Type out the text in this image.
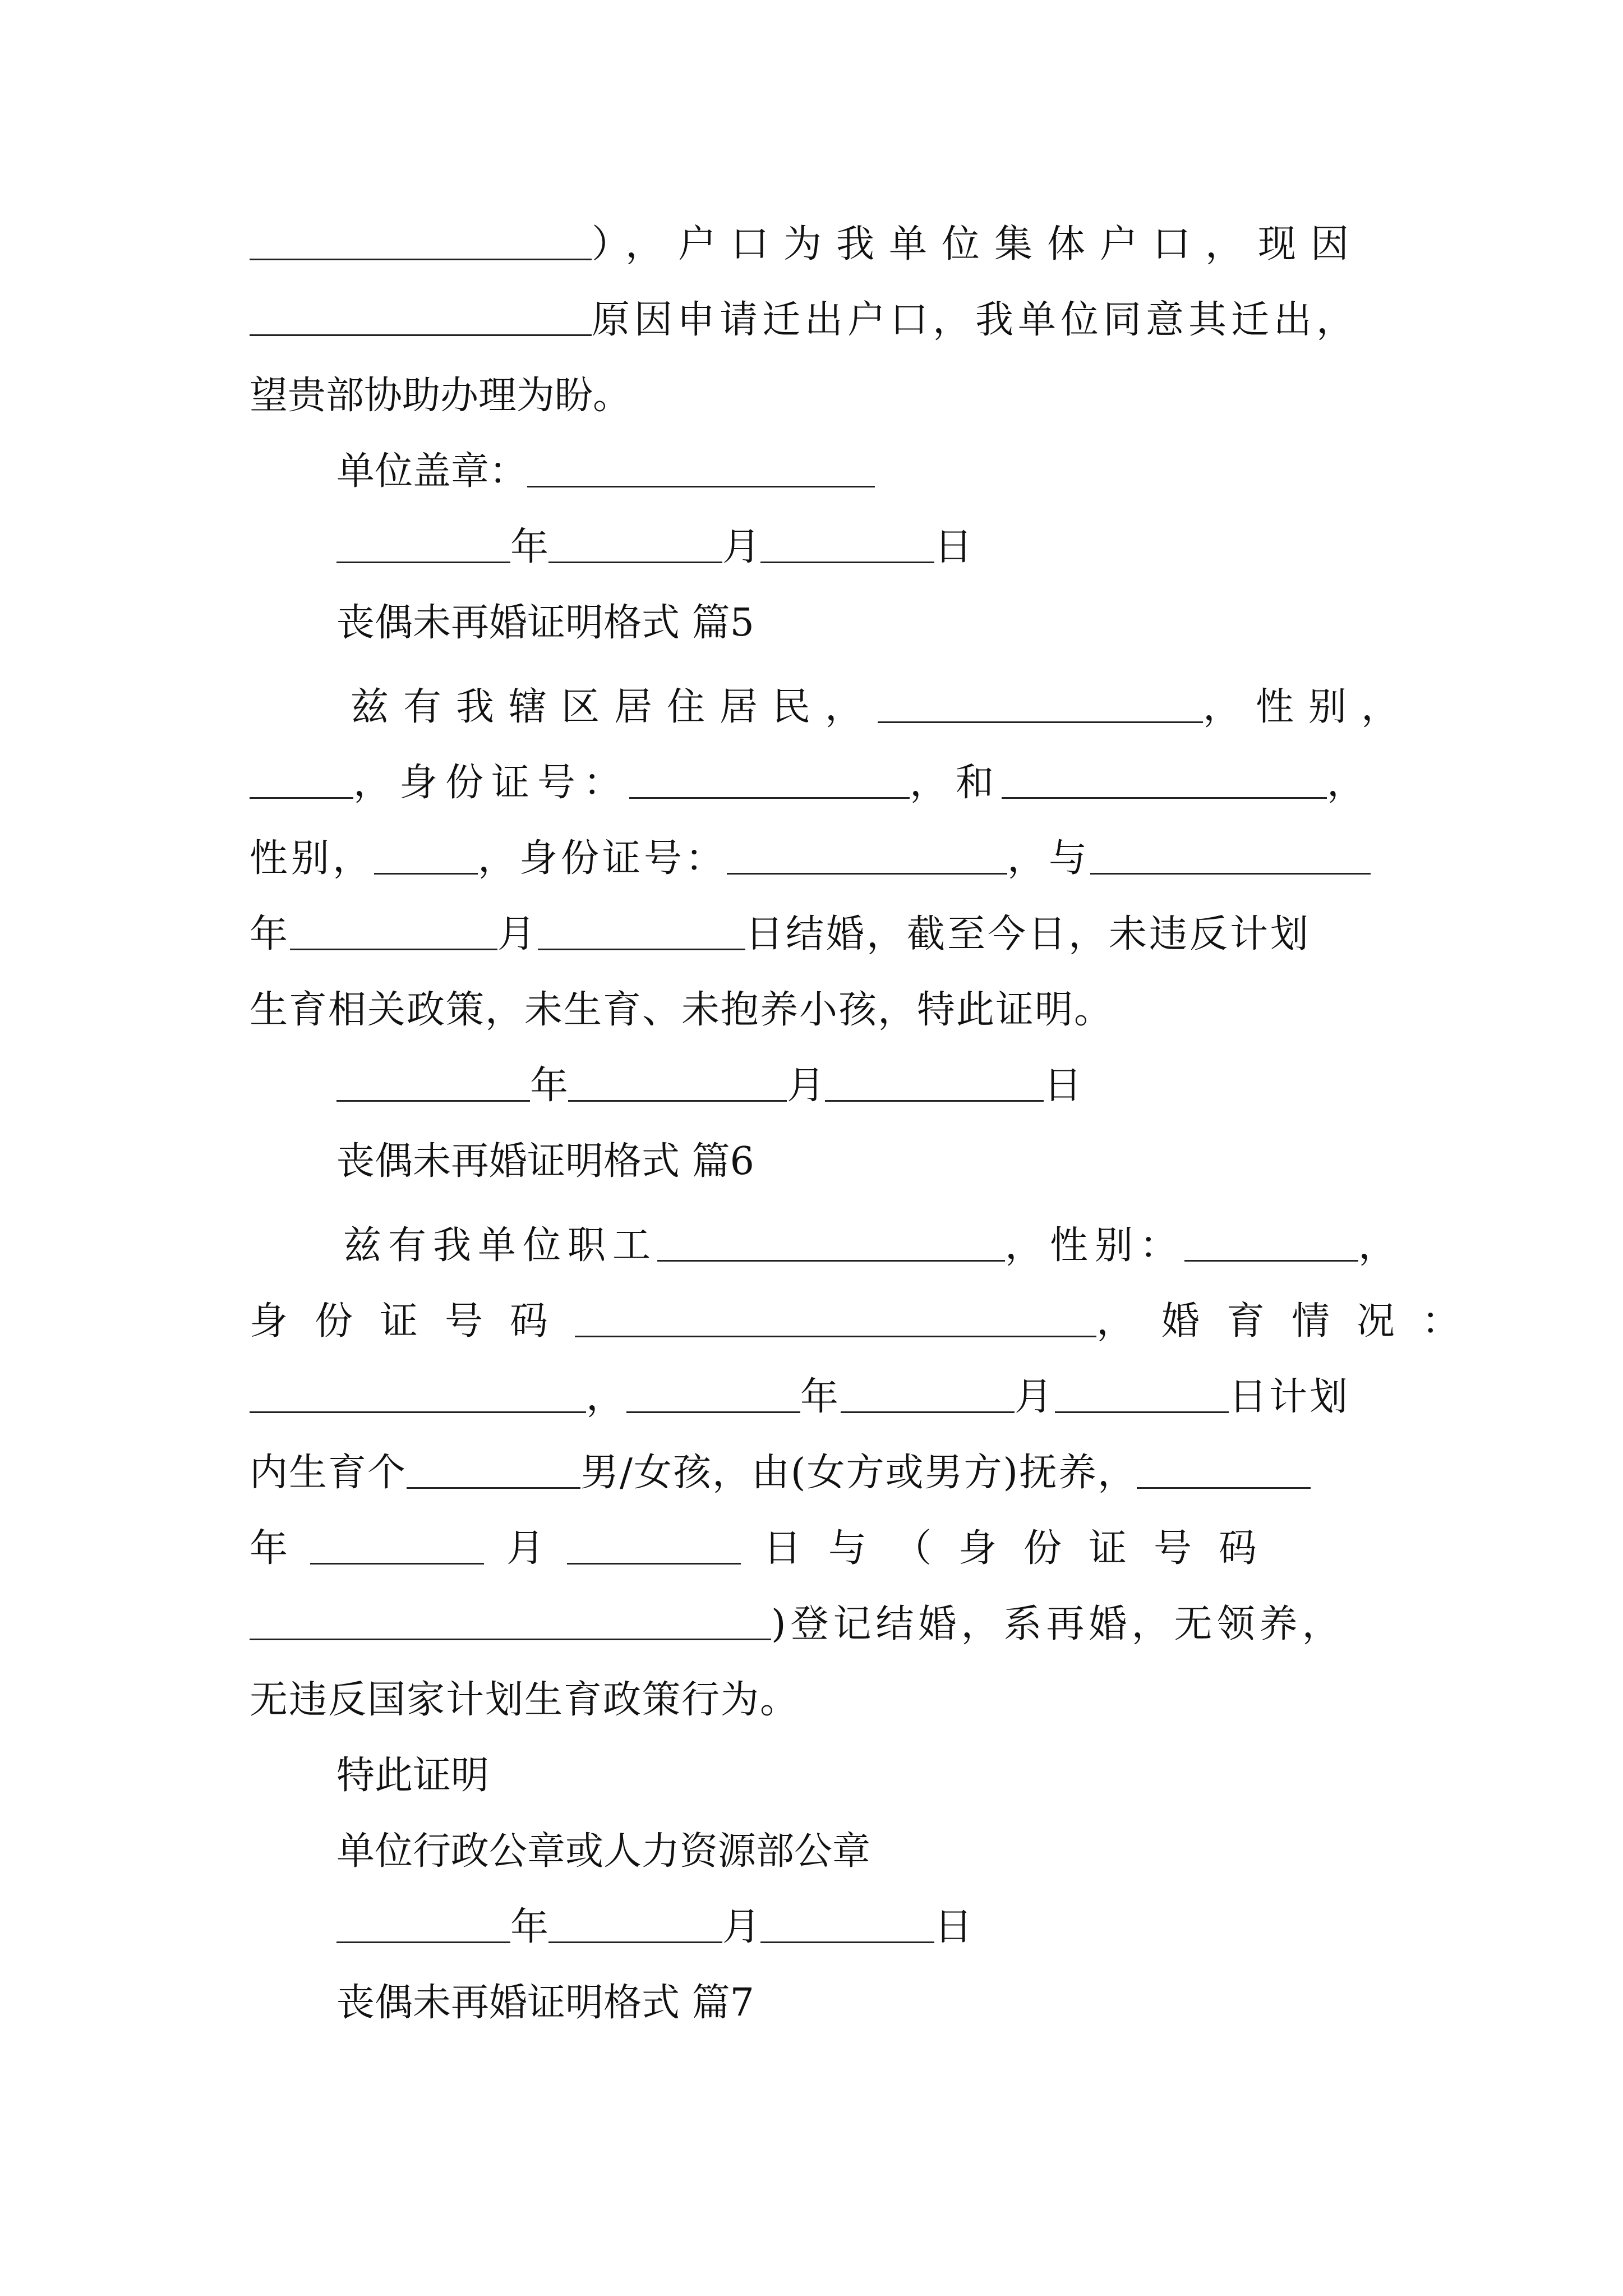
），户口为我单位集体户口，现因
原因申请迁出户口，我单位同意其迁出，
望贵部协助办理为盼。
单位盖章：
年	月	日
丧偶未再婚证明格式 篇5
兹有我辖区居住居民，	，性别，
，身份证号：	，和	，
性别，	，身份证号：	，与
年	月	日结婚，截至今日，未违反计划
生育相关政策，未生育、未抱养小孩，特此证明。
年	月	日
丧偶未再婚证明格式 篇6
兹有我单位职工	，性别：	，
身份证号码	，婚育情况：
，	年	月	日计划
内生育个	男/女孩，由(女方或男方)抚养，
年	月	日与（身份证号码
)登记结婚，系再婚，无领养，
无违反国家计划生育政策行为。
特此证明
单位行政公章或人力资源部公章
年	月	日
丧偶未再婚证明格式 篇7
